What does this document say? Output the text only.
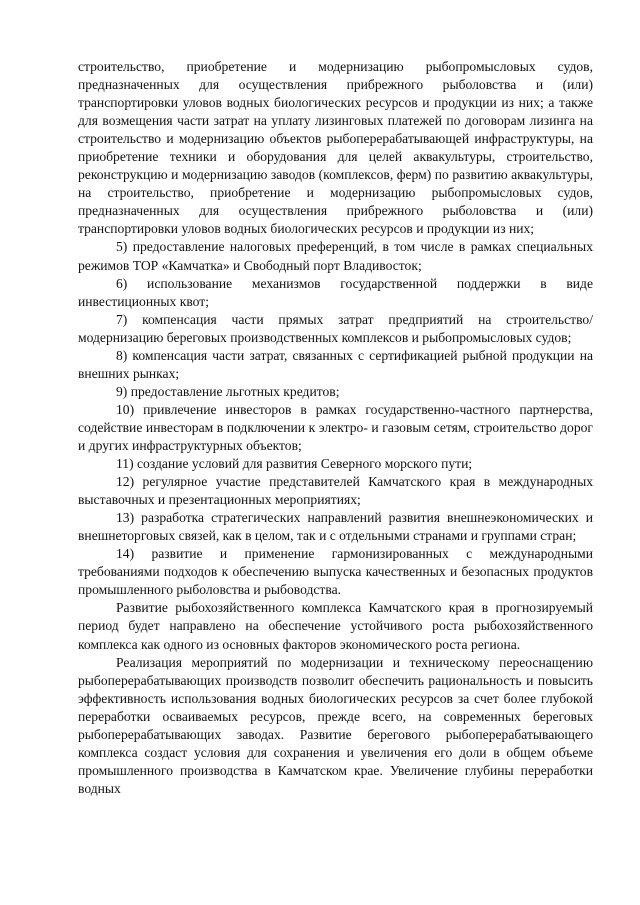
строительство, приобретение и модернизацию рыбопромысловых судов, предназначенных для осуществления прибрежного рыболовства и (или) транспортировки уловов водных биологических ресурсов и продукции из них; а также для возмещения части затрат на уплату лизинговых платежей по договорам лизинга на строительство и модернизацию объектов рыбоперерабатывающей инфраструктуры, на приобретение техники и оборудования для целей аквакультуры, строительство, реконструкцию и модернизацию заводов (комплексов, ферм) по развитию аквакультуры, на строительство, приобретение и модернизацию рыбопромысловых судов, предназначенных для осуществления прибрежного рыболовства и (или) транспортировки уловов водных биологических ресурсов и продукции из них;

5) предоставление налоговых преференций, в том числе в рамках специальных режимов ТОР «Камчатка» и Свободный порт Владивосток;

6) использование механизмов государственной поддержки в виде инвестиционных квот;

7) компенсация части прямых затрат предприятий на строительство/модернизацию береговых производственных комплексов и рыбопромысловых судов;

8) компенсация части затрат, связанных с сертификацией рыбной продукции на внешних рынках;

9) предоставление льготных кредитов;

10) привлечение инвесторов в рамках государственно-частного партнерства, содействие инвесторам в подключении к электро- и газовым сетям, строительство дорог и других инфраструктурных объектов;

11) создание условий для развития Северного морского пути;

12) регулярное участие представителей Камчатского края в международных выставочных и презентационных мероприятиях;

13) разработка стратегических направлений развития внешнеэкономических и внешнеторговых связей, как в целом, так и с отдельными странами и группами стран;

14) развитие и применение гармонизированных с международными требованиями подходов к обеспечению выпуска качественных и безопасных продуктов промышленного рыболовства и рыбоводства.

Развитие рыбохозяйственного комплекса Камчатского края в прогнозируемый период будет направлено на обеспечение устойчивого роста рыбохозяйственного комплекса как одного из основных факторов экономического роста региона.

Реализация мероприятий по модернизации и техническому переоснащению рыбоперерабатывающих производств позволит обеспечить рациональность и повысить эффективность использования водных биологических ресурсов за счет более глубокой переработки осваиваемых ресурсов, прежде всего, на современных береговых рыбоперерабатывающих заводах. Развитие берегового рыбоперерабатывающего комплекса создаст условия для сохранения и увеличения его доли в общем объеме промышленного производства в Камчатском крае. Увеличение глубины переработки водных
